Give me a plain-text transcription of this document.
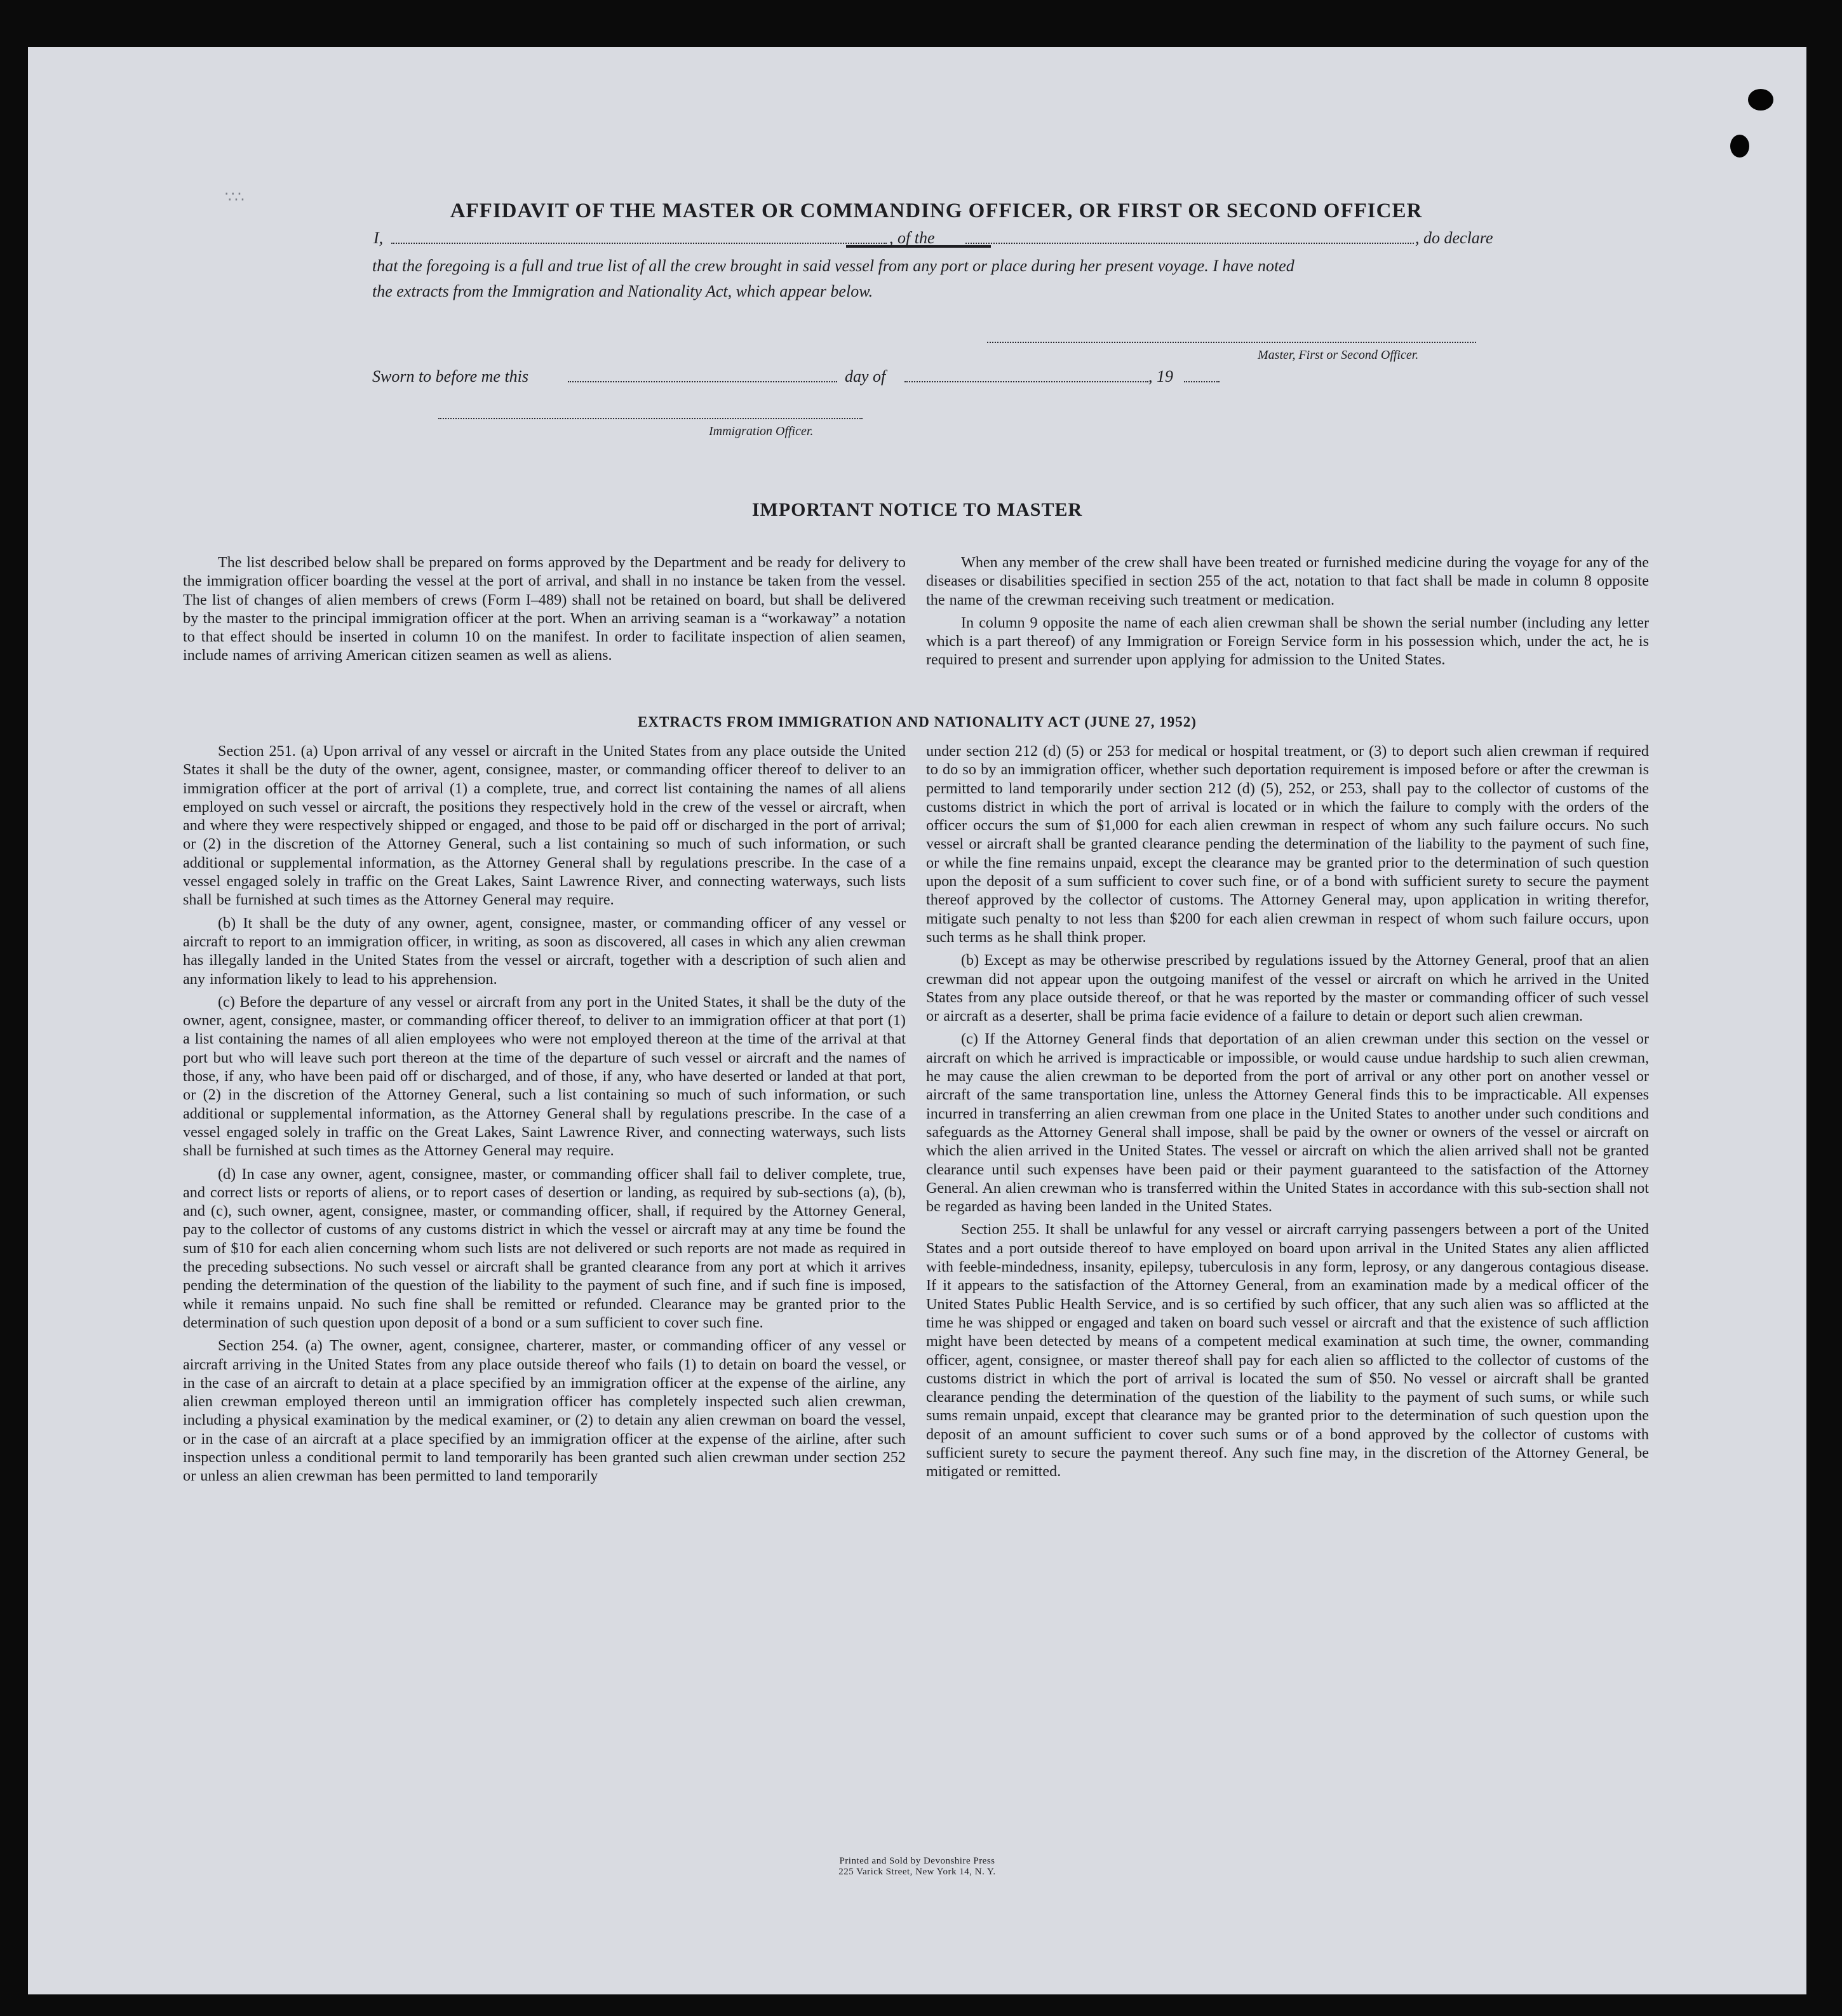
∵∴
AFFIDAVIT OF THE MASTER OR COMMANDING OFFICER, OR FIRST OR SECOND OFFICER
I,	, of the	, do declare
that the foregoing is a full and true list of all the crew brought in said vessel from any port or place during her present voyage. I have noted
the extracts from the Immigration and Nationality Act, which appear below.
Master, First or Second Officer.
Sworn to before me this	day of	, 19
Immigration Officer.
IMPORTANT NOTICE TO MASTER

The list described below shall be prepared on forms approved by the Department and be ready for delivery to the immigration officer boarding the vessel at the port of arrival, and shall in no instance be taken from the vessel. The list of changes of alien members of crews (Form I–489) shall not be retained on board, but shall be delivered by the master to the principal immigration officer at the port. When an arriving seaman is a “workaway” a notation to that effect should be inserted in column 10 on the manifest. In order to facilitate inspection of alien seamen, include names of arriving American citizen seamen as well as aliens.

When any member of the crew shall have been treated or furnished medicine during the voyage for any of the diseases or disabilities specified in section 255 of the act, notation to that fact shall be made in column 8 opposite the name of the crewman receiving such treatment or medication.

In column 9 opposite the name of each alien crewman shall be shown the serial number (including any letter which is a part thereof) of any Immigration or Foreign Service form in his possession which, under the act, he is required to present and surrender upon applying for admission to the United States.

EXTRACTS FROM IMMIGRATION AND NATIONALITY ACT (JUNE 27, 1952)

Section 251. (a) Upon arrival of any vessel or aircraft in the United States from any place outside the United States it shall be the duty of the owner, agent, consignee, master, or commanding officer thereof to deliver to an immigration officer at the port of arrival (1) a complete, true, and correct list containing the names of all aliens employed on such vessel or aircraft, the positions they respectively hold in the crew of the vessel or aircraft, when and where they were respectively shipped or engaged, and those to be paid off or discharged in the port of arrival; or (2) in the discretion of the Attorney General, such a list containing so much of such information, or such additional or supplemental information, as the Attorney General shall by regulations prescribe. In the case of a vessel engaged solely in traffic on the Great Lakes, Saint Lawrence River, and connecting waterways, such lists shall be furnished at such times as the Attorney General may require.

(b) It shall be the duty of any owner, agent, consignee, master, or commanding officer of any vessel or aircraft to report to an immigration officer, in writing, as soon as discovered, all cases in which any alien crewman has illegally landed in the United States from the vessel or aircraft, together with a description of such alien and any information likely to lead to his apprehension.

(c) Before the departure of any vessel or aircraft from any port in the United States, it shall be the duty of the owner, agent, consignee, master, or commanding officer thereof, to deliver to an immigration officer at that port (1) a list containing the names of all alien employees who were not employed thereon at the time of the arrival at that port but who will leave such port thereon at the time of the departure of such vessel or aircraft and the names of those, if any, who have been paid off or discharged, and of those, if any, who have deserted or landed at that port, or (2) in the discretion of the Attorney General, such a list containing so much of such information, or such additional or supplemental information, as the Attorney General shall by regulations prescribe. In the case of a vessel engaged solely in traffic on the Great Lakes, Saint Lawrence River, and connecting waterways, such lists shall be furnished at such times as the Attorney General may require.

(d) In case any owner, agent, consignee, master, or commanding officer shall fail to deliver complete, true, and correct lists or reports of aliens, or to report cases of desertion or landing, as required by sub-sections (a), (b), and (c), such owner, agent, consignee, master, or commanding officer, shall, if required by the Attorney General, pay to the collector of customs of any customs district in which the vessel or aircraft may at any time be found the sum of $10 for each alien concerning whom such lists are not delivered or such reports are not made as required in the preceding subsections. No such vessel or aircraft shall be granted clearance from any port at which it arrives pending the determination of the question of the liability to the payment of such fine, and if such fine is imposed, while it remains unpaid. No such fine shall be remitted or refunded. Clearance may be granted prior to the determination of such question upon deposit of a bond or a sum sufficient to cover such fine.

Section 254. (a) The owner, agent, consignee, charterer, master, or commanding officer of any vessel or aircraft arriving in the United States from any place outside thereof who fails (1) to detain on board the vessel, or in the case of an aircraft to detain at a place specified by an immigration officer at the expense of the airline, any alien crewman employed thereon until an immigration officer has completely inspected such alien crewman, including a physical examination by the medical examiner, or (2) to detain any alien crewman on board the vessel, or in the case of an aircraft at a place specified by an immigration officer at the expense of the airline, after such inspection unless a conditional permit to land temporarily has been granted such alien crewman under section 252 or unless an alien crewman has been permitted to land temporarily

under section 212 (d) (5) or 253 for medical or hospital treatment, or (3) to deport such alien crewman if required to do so by an immigration officer, whether such deportation requirement is imposed before or after the crewman is permitted to land temporarily under section 212 (d) (5), 252, or 253, shall pay to the collector of customs of the customs district in which the port of arrival is located or in which the failure to comply with the orders of the officer occurs the sum of $1,000 for each alien crewman in respect of whom any such failure occurs. No such vessel or aircraft shall be granted clearance pending the determination of the liability to the payment of such fine, or while the fine remains unpaid, except the clearance may be granted prior to the determination of such question upon the deposit of a sum sufficient to cover such fine, or of a bond with sufficient surety to secure the payment thereof approved by the collector of customs. The Attorney General may, upon application in writing therefor, mitigate such penalty to not less than $200 for each alien crewman in respect of whom such failure occurs, upon such terms as he shall think proper.

(b) Except as may be otherwise prescribed by regulations issued by the Attorney General, proof that an alien crewman did not appear upon the outgoing manifest of the vessel or aircraft on which he arrived in the United States from any place outside thereof, or that he was reported by the master or commanding officer of such vessel or aircraft as a deserter, shall be prima facie evidence of a failure to detain or deport such alien crewman.

(c) If the Attorney General finds that deportation of an alien crewman under this section on the vessel or aircraft on which he arrived is impracticable or impossible, or would cause undue hardship to such alien crewman, he may cause the alien crewman to be deported from the port of arrival or any other port on another vessel or aircraft of the same transportation line, unless the Attorney General finds this to be impracticable. All expenses incurred in transferring an alien crewman from one place in the United States to another under such conditions and safeguards as the Attorney General shall impose, shall be paid by the owner or owners of the vessel or aircraft on which the alien arrived in the United States. The vessel or aircraft on which the alien arrived shall not be granted clearance until such expenses have been paid or their payment guaranteed to the satisfaction of the Attorney General. An alien crewman who is transferred within the United States in accordance with this sub-section shall not be regarded as having been landed in the United States.

Section 255. It shall be unlawful for any vessel or aircraft carrying passengers between a port of the United States and a port outside thereof to have employed on board upon arrival in the United States any alien afflicted with feeble-mindedness, insanity, epilepsy, tuberculosis in any form, leprosy, or any dangerous contagious disease. If it appears to the satisfaction of the Attorney General, from an examination made by a medical officer of the United States Public Health Service, and is so certified by such officer, that any such alien was so afflicted at the time he was shipped or engaged and taken on board such vessel or aircraft and that the existence of such affliction might have been detected by means of a competent medical examination at such time, the owner, commanding officer, agent, consignee, or master thereof shall pay for each alien so afflicted to the collector of customs of the customs district in which the port of arrival is located the sum of $50. No vessel or aircraft shall be granted clearance pending the determination of the question of the liability to the payment of such sums, or while such sums remain unpaid, except that clearance may be granted prior to the determination of such question upon the deposit of an amount sufficient to cover such sums or of a bond approved by the collector of customs with sufficient surety to secure the payment thereof. Any such fine may, in the discretion of the Attorney General, be mitigated or remitted.

Printed and Sold by Devonshire Press
225 Varick Street, New York 14, N. Y.
